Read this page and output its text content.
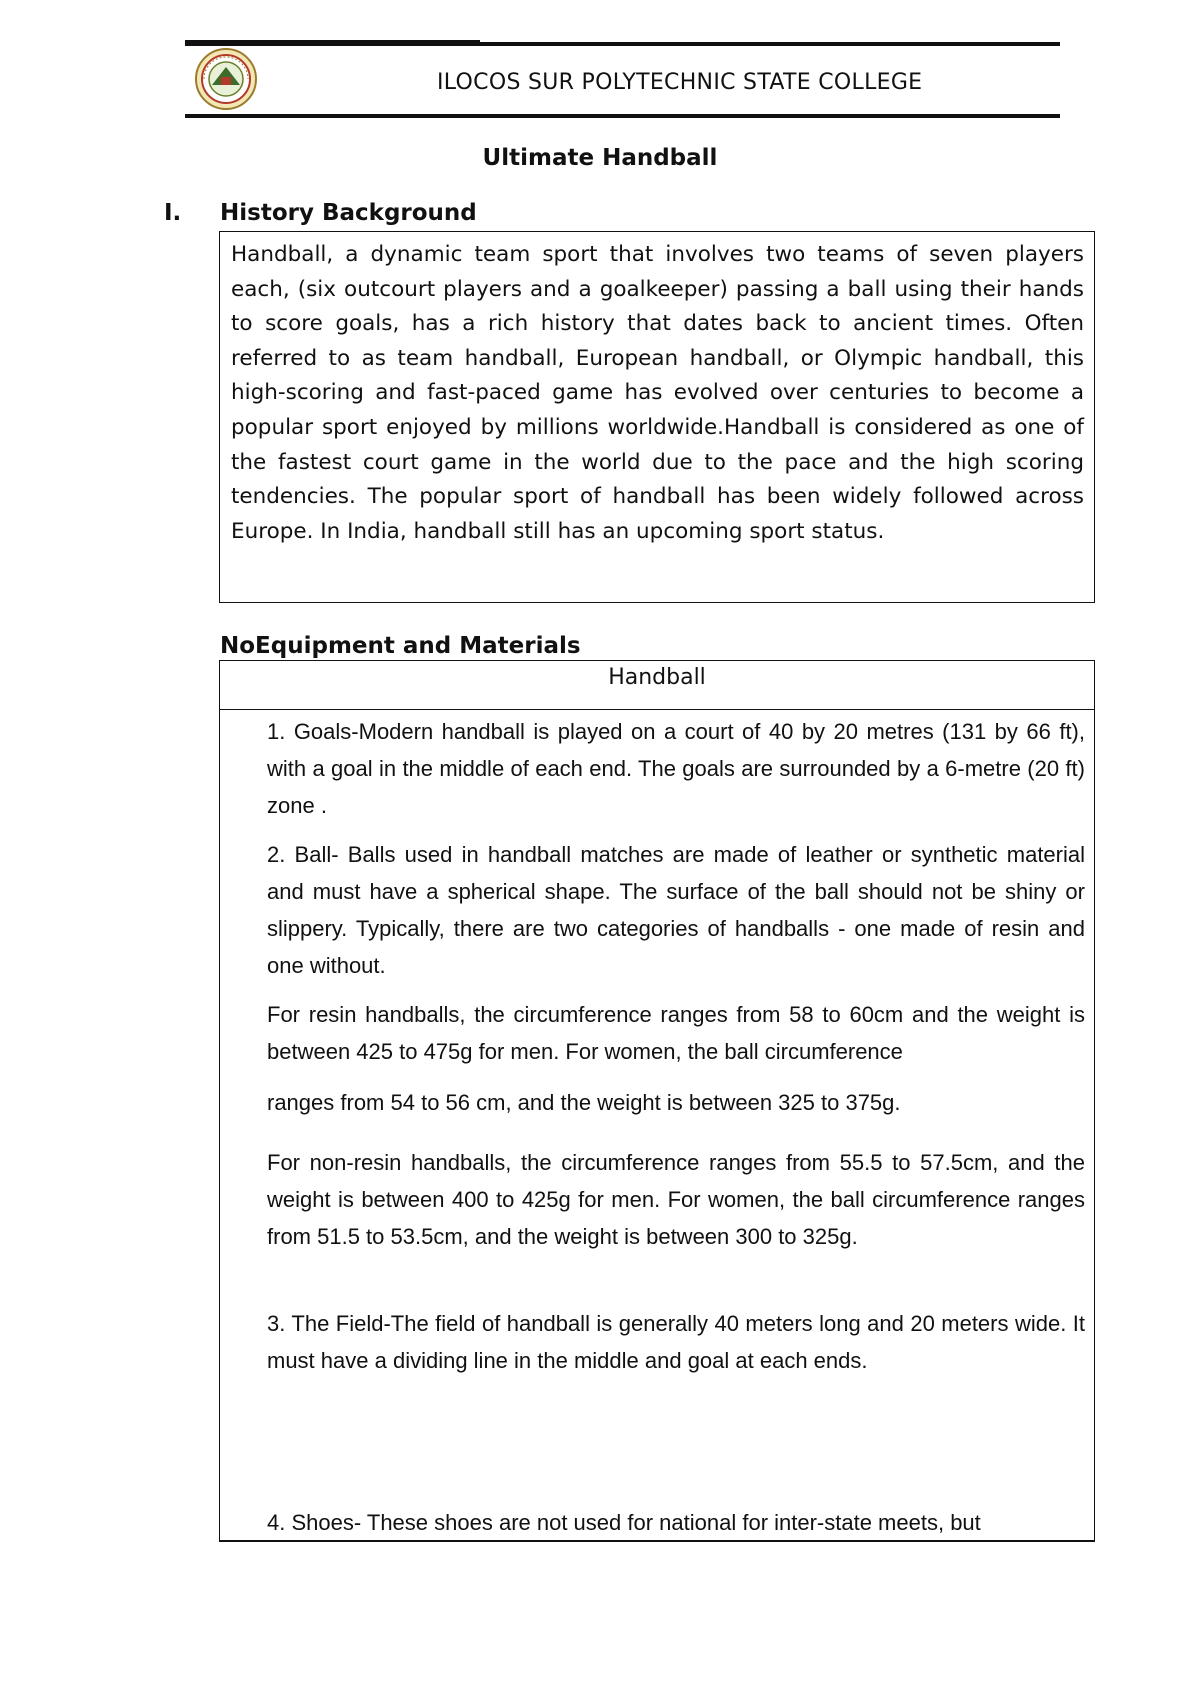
ILOCOS SUR POLYTECHNIC STATE COLLEGE
Ultimate Handball
I. History Background

Handball, a dynamic team sport that involves two teams of seven players each, (six outcourt players and a goalkeeper) passing a ball using their hands to score goals, has a rich history that dates back to ancient times. Often referred to as team handball, European handball, or Olympic handball, this high-scoring and fast-paced game has evolved over centuries to become a popular sport enjoyed by millions worldwide.Handball is considered as one of the fastest court game in the world due to the pace and the high scoring tendencies. The popular sport of handball has been widely followed across Europe. In India, handball still has an upcoming sport status.

NoEquipment and Materials
Handball

1. Goals-Modern handball is played on a court of 40 by 20 metres (131 by 66 ft), with a goal in the middle of each end. The goals are surrounded by a 6-metre (20 ft) zone .

2. Ball- Balls used in handball matches are made of leather or synthetic material and must have a spherical shape. The surface of the ball should not be shiny or slippery. Typically, there are two categories of handballs - one made of resin and one without.

For resin handballs, the circumference ranges from 58 to 60cm and the weight is between 425 to 475g for men. For women, the ball circumference

ranges from 54 to 56 cm, and the weight is between 325 to 375g.

For non-resin handballs, the circumference ranges from 55.5 to 57.5cm, and the weight is between 400 to 425g for men. For women, the ball circumference ranges from 51.5 to 53.5cm, and the weight is between 300 to 325g.

3. The Field-The field of handball is generally 40 meters long and 20 meters wide. It must have a dividing line in the middle and goal at each ends.

4. Shoes- These shoes are not used for national for inter-state meets, but
